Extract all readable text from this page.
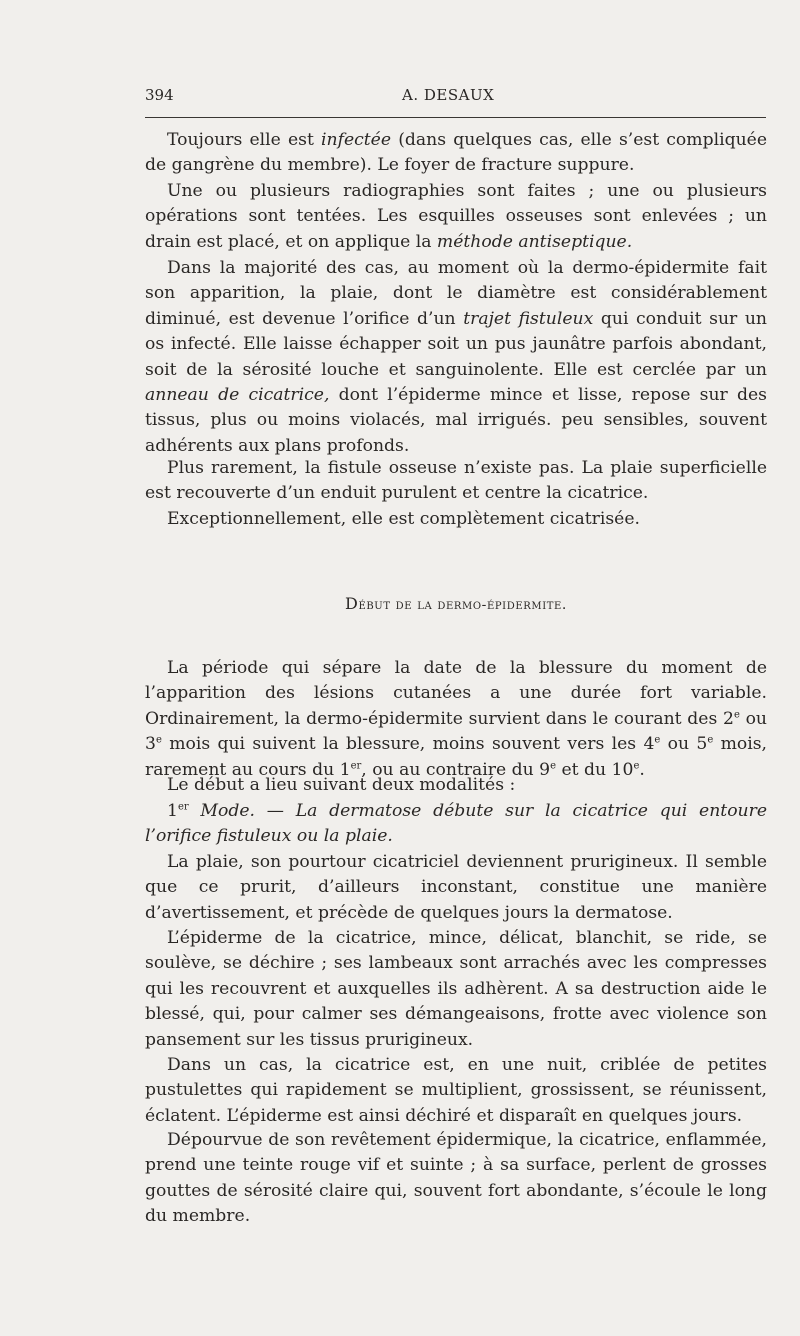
394	A. DESAUX

Toujours elle est infectée (dans quelques cas, elle s’est compliquée de gangrène du membre). Le foyer de fracture suppure.

Une ou plusieurs radiographies sont faites ; une ou plusieurs opérations sont tentées. Les esquilles osseuses sont enlevées ; un drain est placé, et on applique la méthode antiseptique.

Dans la majorité des cas, au moment où la dermo-épidermite fait son apparition, la plaie, dont le diamètre est considérablement diminué, est devenue l’orifice d’un trajet fistuleux qui conduit sur un os infecté. Elle laisse échapper soit un pus jaunâtre parfois abondant, soit de la sérosité louche et sanguinolente. Elle est cerclée par un anneau de cicatrice, dont l’épiderme mince et lisse, repose sur des tissus, plus ou moins violacés, mal irrigués. peu sensibles, souvent adhérents aux plans profonds.

Plus rarement, la fistule osseuse n’existe pas. La plaie superficielle est recouverte d’un enduit purulent et centre la cicatrice.

Exceptionnellement, elle est complètement cicatrisée.

Début de la dermo-épidermite.

La période qui sépare la date de la blessure du moment de l’apparition des lésions cutanées a une durée fort variable. Ordinairement, la dermo-épidermite survient dans le courant des 2e ou 3e mois qui suivent la blessure, moins souvent vers les 4e ou 5e mois, rarement au cours du 1er, ou au contraire du 9e et du 10e.

Le début a lieu suivant deux modalités :

1er Mode. — La dermatose débute sur la cicatrice qui entoure l’orifice fistuleux ou la plaie.

La plaie, son pourtour cicatriciel deviennent prurigineux. Il semble que ce prurit, d’ailleurs inconstant, constitue une manière d’avertissement, et précède de quelques jours la dermatose.

L’épiderme de la cicatrice, mince, délicat, blanchit, se ride, se soulève, se déchire ; ses lambeaux sont arrachés avec les compresses qui les recouvrent et auxquelles ils adhèrent. A sa destruction aide le blessé, qui, pour calmer ses démangeaisons, frotte avec violence son pansement sur les tissus prurigineux.

Dans un cas, la cicatrice est, en une nuit, criblée de petites pustulettes qui rapidement se multiplient, grossissent, se réunissent, éclatent. L’épiderme est ainsi déchiré et disparaît en quelques jours.

Dépourvue de son revêtement épidermique, la cicatrice, enflammée, prend une teinte rouge vif et suinte ; à sa surface, perlent de grosses gouttes de sérosité claire qui, souvent fort abondante, s’écoule le long du membre.
